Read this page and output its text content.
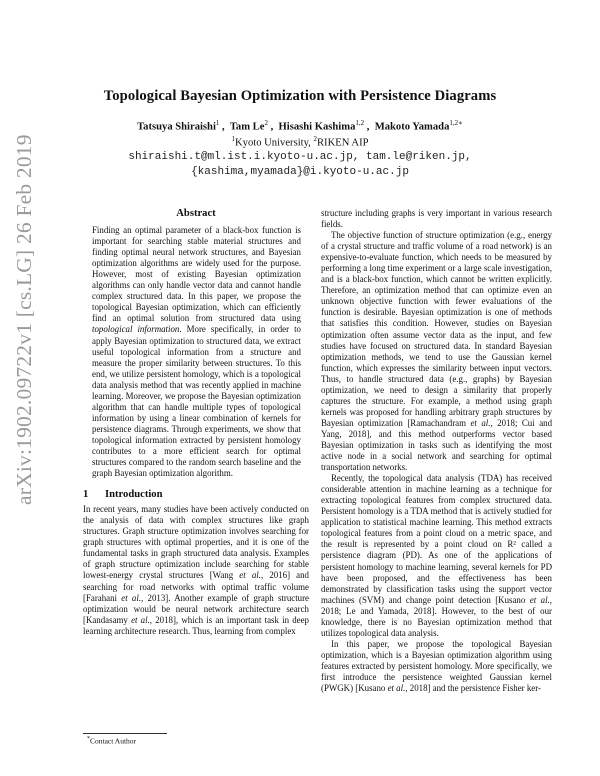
arXiv:1902.09722v1 [cs.LG] 26 Feb 2019
Topological Bayesian Optimization with Persistence Diagrams
Tatsuya Shiraishi$^1$ ,  Tam Le$^2$ ,  Hisashi Kashima$^{1,2}$ ,  Makoto Yamada$^{1,2∗}$
$^1$Kyoto University, $^2$RIKEN AIP
shiraishi.t@ml.ist.i.kyoto-u.ac.jp, tam.le@riken.jp,
{kashima,myamada}@i.kyoto-u.ac.jp
Abstract

Finding an optimal parameter of a black-box function is important for searching stable material structures and finding optimal neural network structures, and Bayesian optimization algorithms are widely used for the purpose. However, most of existing Bayesian optimization algorithms can only handle vector data and cannot handle complex structured data. In this paper, we propose the topological Bayesian optimization, which can efficiently find an optimal solution from structured data using topological information. More specifically, in order to apply Bayesian optimization to structured data, we extract useful topological information from a structure and measure the proper similarity between structures. To this end, we utilize persistent homology, which is a topological data analysis method that was recently applied in machine learning. Moreover, we propose the Bayesian optimization algorithm that can handle multiple types of topological information by using a linear combination of kernels for persistence diagrams. Through experiments, we show that topological information extracted by persistent homology contributes to a more efficient search for optimal structures compared to the random search baseline and the graph Bayesian optimization algorithm.

1 Introduction

In recent years, many studies have been actively conducted on the analysis of data with complex structures like graph structures. Graph structure optimization involves searching for graph structures with optimal properties, and it is one of the fundamental tasks in graph structured data analysis. Examples of graph structure optimization include searching for stable lowest-energy crystal structures [Wang et al., 2016] and searching for road networks with optimal traffic volume [Farahani et al., 2013]. Another example of graph structure optimization would be neural network architecture search [Kandasamy et al., 2018], which is an important task in deep learning architecture research. Thus, learning from complex

structure including graphs is very important in various research fields.

The objective function of structure optimization (e.g., energy of a crystal structure and traffic volume of a road network) is an expensive-to-evaluate function, which needs to be measured by performing a long time experiment or a large scale investigation, and is a black-box function, which cannot be written explicitly. Therefore, an optimization method that can optimize even an unknown objective function with fewer evaluations of the function is desirable. Bayesian optimization is one of methods that satisfies this condition. However, studies on Bayesian optimization often assume vector data as the input, and few studies have focused on structured data. In standard Bayesian optimization methods, we tend to use the Gaussian kernel function, which expresses the similarity between input vectors. Thus, to handle structured data (e.g., graphs) by Bayesian optimization, we need to design a similarity that properly captures the structure. For example, a method using graph kernels was proposed for handling arbitrary graph structures by Bayesian optimization [Ramachandram et al., 2018; Cui and Yang, 2018], and this method outperforms vector based Bayesian optimization in tasks such as identifying the most active node in a social network and searching for optimal transportation networks.

Recently, the topological data analysis (TDA) has received considerable attention in machine learning as a technique for extracting topological features from complex structured data. Persistent homology is a TDA method that is actively studied for application to statistical machine learning. This method extracts topological features from a point cloud on a metric space, and the result is represented by a point cloud on R² called a persistence diagram (PD). As one of the applications of persistent homology to machine learning, several kernels for PD have been proposed, and the effectiveness has been demonstrated by classification tasks using the support vector machines (SVM) and change point detection [Kusano et al., 2018; Le and Yamada, 2018]. However, to the best of our knowledge, there is no Bayesian optimization method that utilizes topological data analysis.

In this paper, we propose the topological Bayesian optimization, which is a Bayesian optimization algorithm using features extracted by persistent homology. More specifically, we first introduce the persistence weighted Gaussian kernel (PWGK) [Kusano et al., 2018] and the persistence Fisher ker-

*Contact Author
